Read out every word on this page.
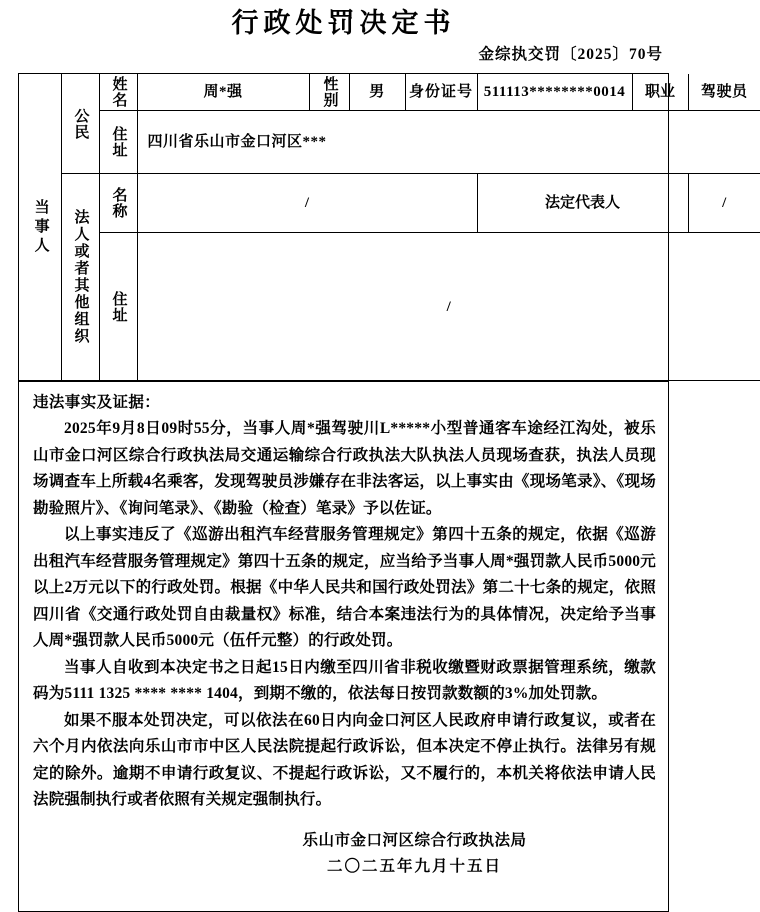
行政处罚决定书
金综执交罚〔2025〕70号
当事人	公民	姓名	周*强	性别	男	身份证号	511113********0014	职业	驾驶员

		住址	四川省乐山市金口河区***						

	法人或者其他组织	名称	/				法定代表人		/

		住址	/						
违法事实及证据：

2025年9月8日09时55分，当事人周*强驾驶川L*****小型普通客车途经江沟处，被乐山市金口河区综合行政执法局交通运输综合行政执法大队执法人员现场查获，执法人员现场调查车上所载4名乘客，发现驾驶员涉嫌存在非法客运，以上事实由《现场笔录》、《现场勘验照片》、《询问笔录》、《勘验（检查）笔录》予以佐证。

以上事实违反了《巡游出租汽车经营服务管理规定》第四十五条的规定，依据《巡游出租汽车经营服务管理规定》第四十五条的规定，应当给予当事人周*强罚款人民币5000元以上2万元以下的行政处罚。根据《中华人民共和国行政处罚法》第二十七条的规定，依照四川省《交通行政处罚自由裁量权》标准，结合本案违法行为的具体情况，决定给予当事人周*强罚款人民币5000元（伍仟元整）的行政处罚。

当事人自收到本决定书之日起15日内缴至四川省非税收缴暨财政票据管理系统，缴款码为5111 1325 **** **** 1404，到期不缴的，依法每日按罚款数额的3%加处罚款。

如果不服本处罚决定，可以依法在60日内向金口河区人民政府申请行政复议，或者在六个月内依法向乐山市市中区人民法院提起行政诉讼，但本决定不停止执行。法律另有规定的除外。逾期不申请行政复议、不提起行政诉讼，又不履行的，本机关将依法申请人民法院强制执行或者依照有关规定强制执行。

乐山市金口河区综合行政执法局
二〇二五年九月十五日
